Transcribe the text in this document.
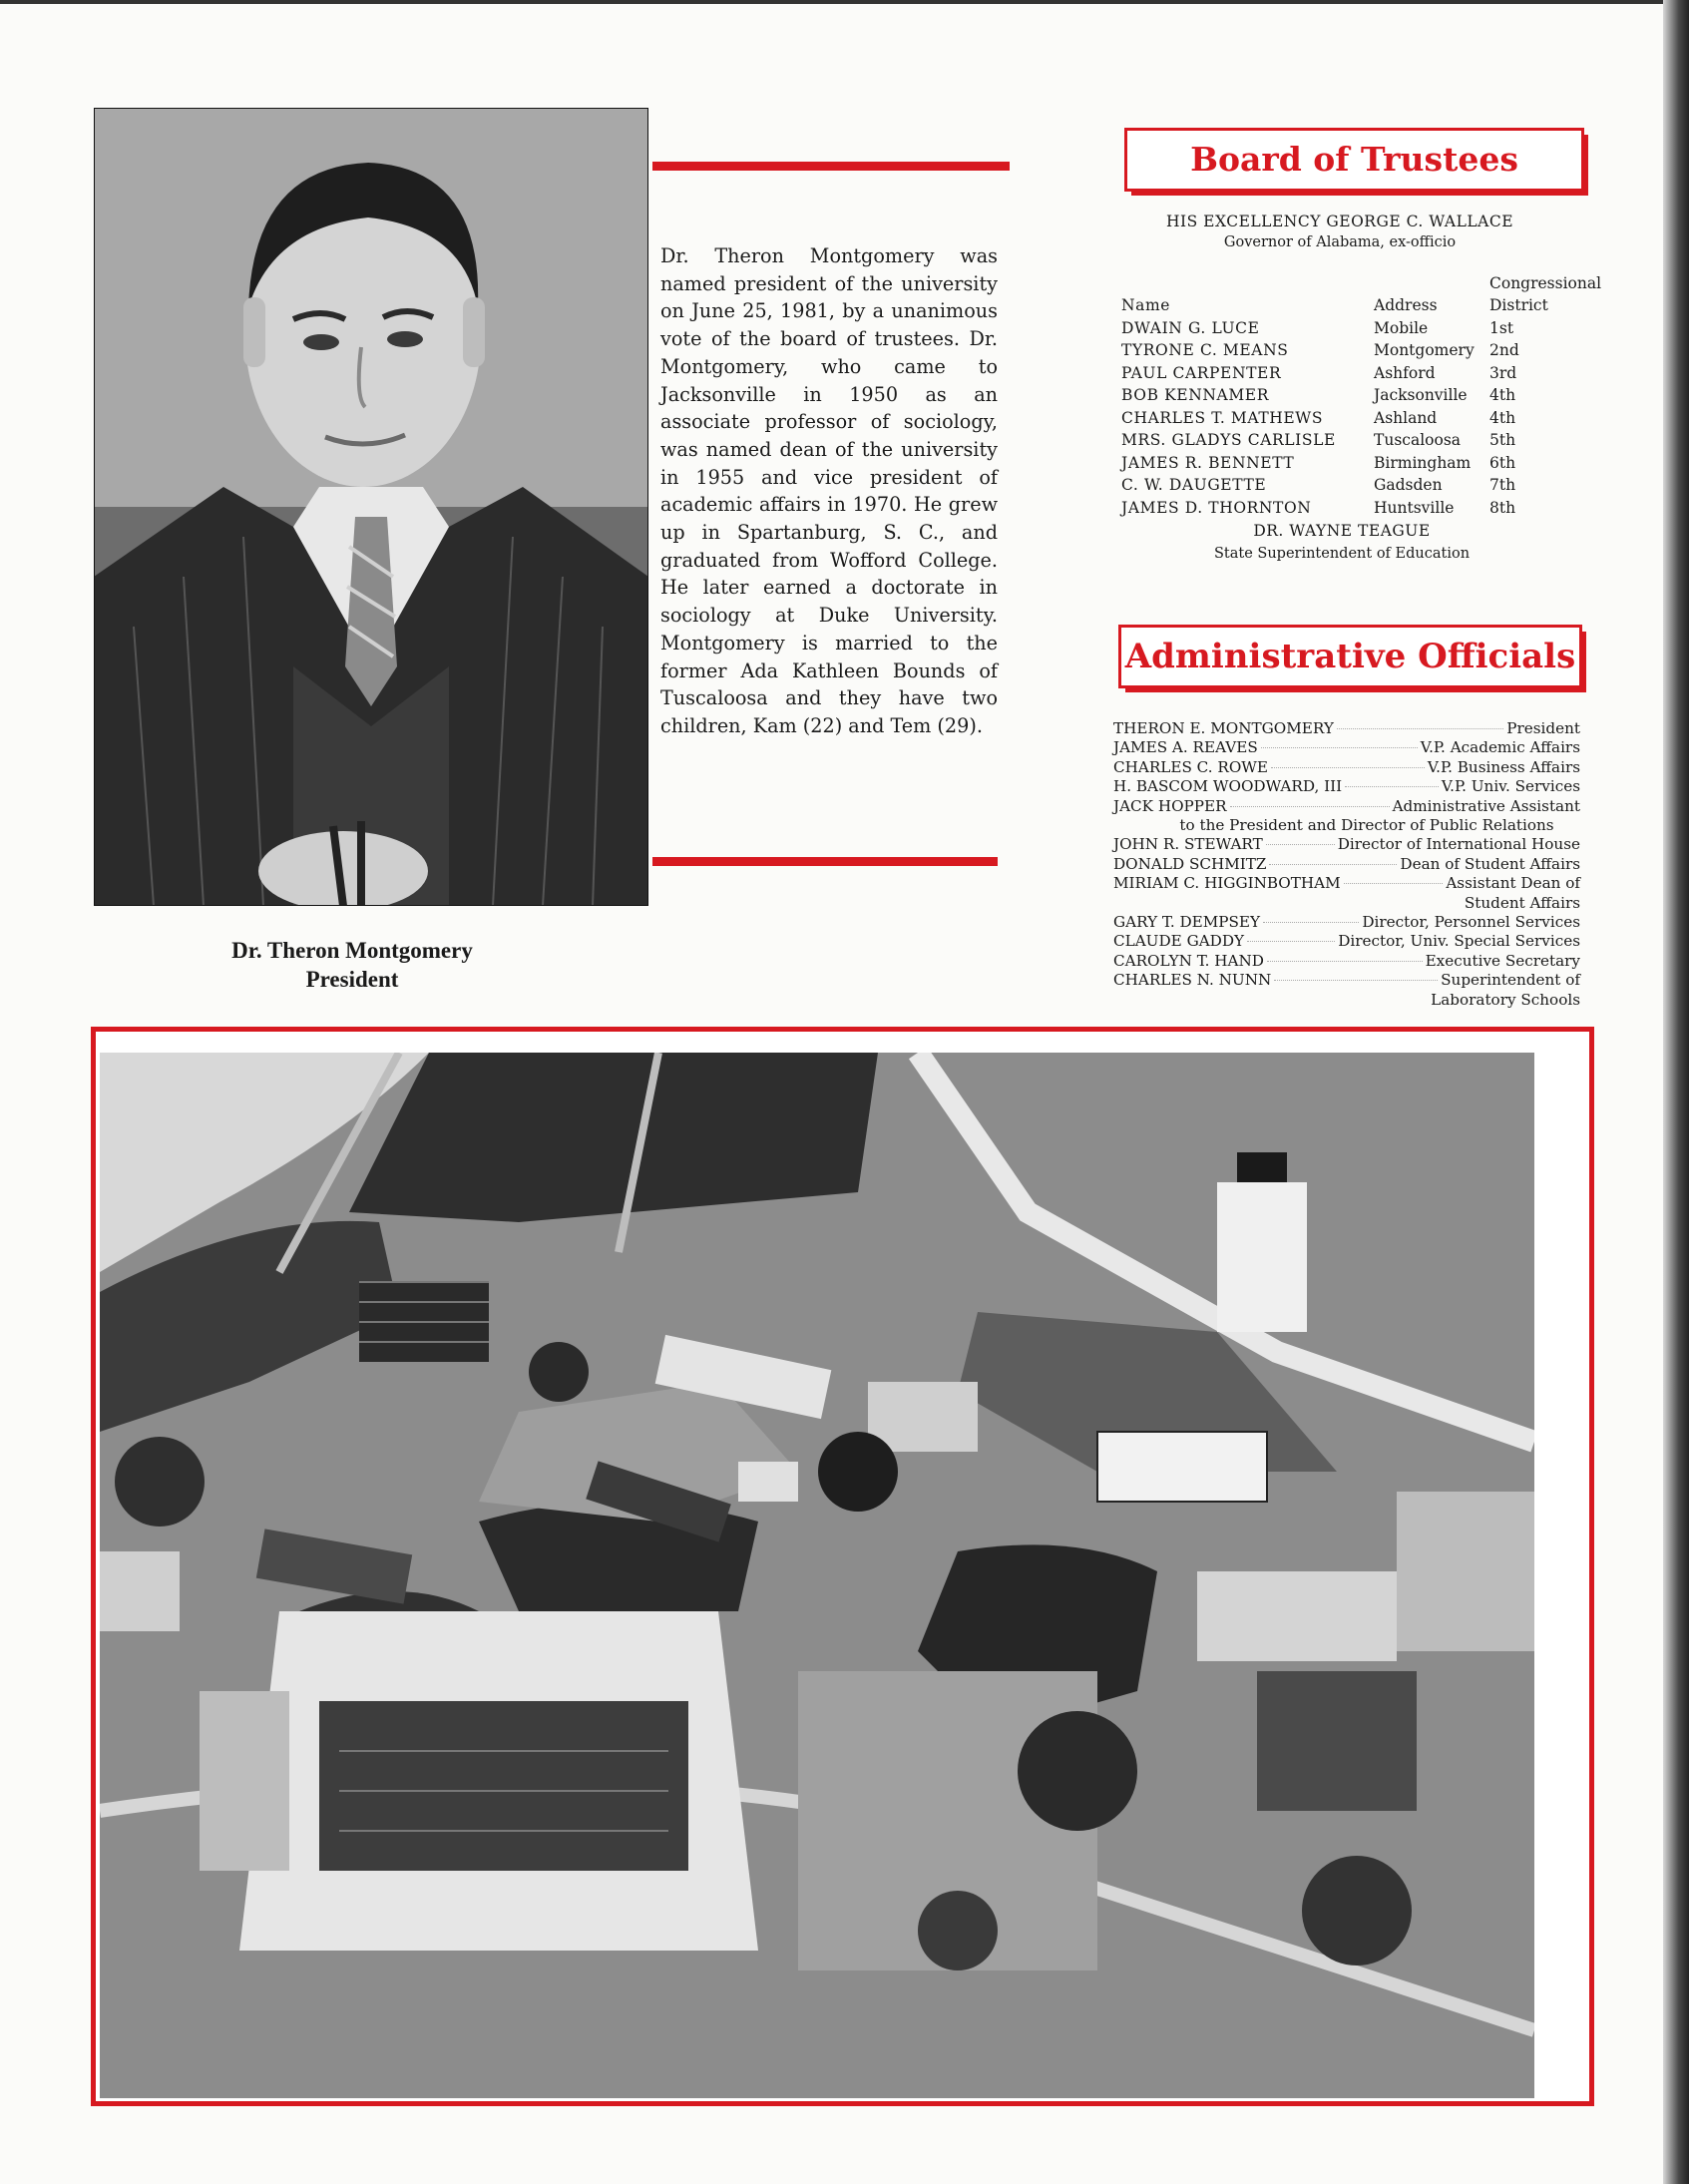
Dr. Theron Montgomery
President
Dr. Theron Montgomery was named president of the university on June 25, 1981, by a unanimous vote of the board of trustees. Dr. Montgomery, who came to Jacksonville in 1950 as an associate professor of sociology, was named dean of the university in 1955 and vice president of academic affairs in 1970. He grew up in Spartanburg, S. C., and graduated from Wofford College. He later earned a doctorate in sociology at Duke University. Montgomery is married to the former Ada Kathleen Bounds of Tuscaloosa and they have two children, Kam (22) and Tem (29).
Board of Trustees
HIS EXCELLENCY GEORGE C. WALLACE
Governor of Alabama, ex-officio
		Congressional
Name	Address	District
DWAIN G. LUCE	Mobile	1st
TYRONE C. MEANS	Montgomery	2nd
PAUL CARPENTER	Ashford	3rd
BOB KENNAMER	Jacksonville	4th
CHARLES T. MATHEWS	Ashland	4th
MRS. GLADYS CARLISLE	Tuscaloosa	5th
JAMES R. BENNETT	Birmingham	6th
C. W. DAUGETTE	Gadsden	7th
JAMES D. THORNTON	Huntsville	8th
DR. WAYNE TEAGUE
State Superintendent of Education
Administrative Officials
THERON E. MONTGOMERY	President
JAMES A. REAVES	V.P. Academic Affairs
CHARLES C. ROWE	V.P. Business Affairs
H. BASCOM WOODWARD, III	V.P. Univ. Services
JACK HOPPER	Administrative Assistant
to the President and Director of Public Relations
JOHN R. STEWART	Director of International House
DONALD SCHMITZ	Dean of Student Affairs
MIRIAM C. HIGGINBOTHAM	Assistant Dean of
Student Affairs
GARY T. DEMPSEY	Director, Personnel Services
CLAUDE GADDY	Director, Univ. Special Services
CAROLYN T. HAND	Executive Secretary
CHARLES N. NUNN	Superintendent of
Laboratory Schools
